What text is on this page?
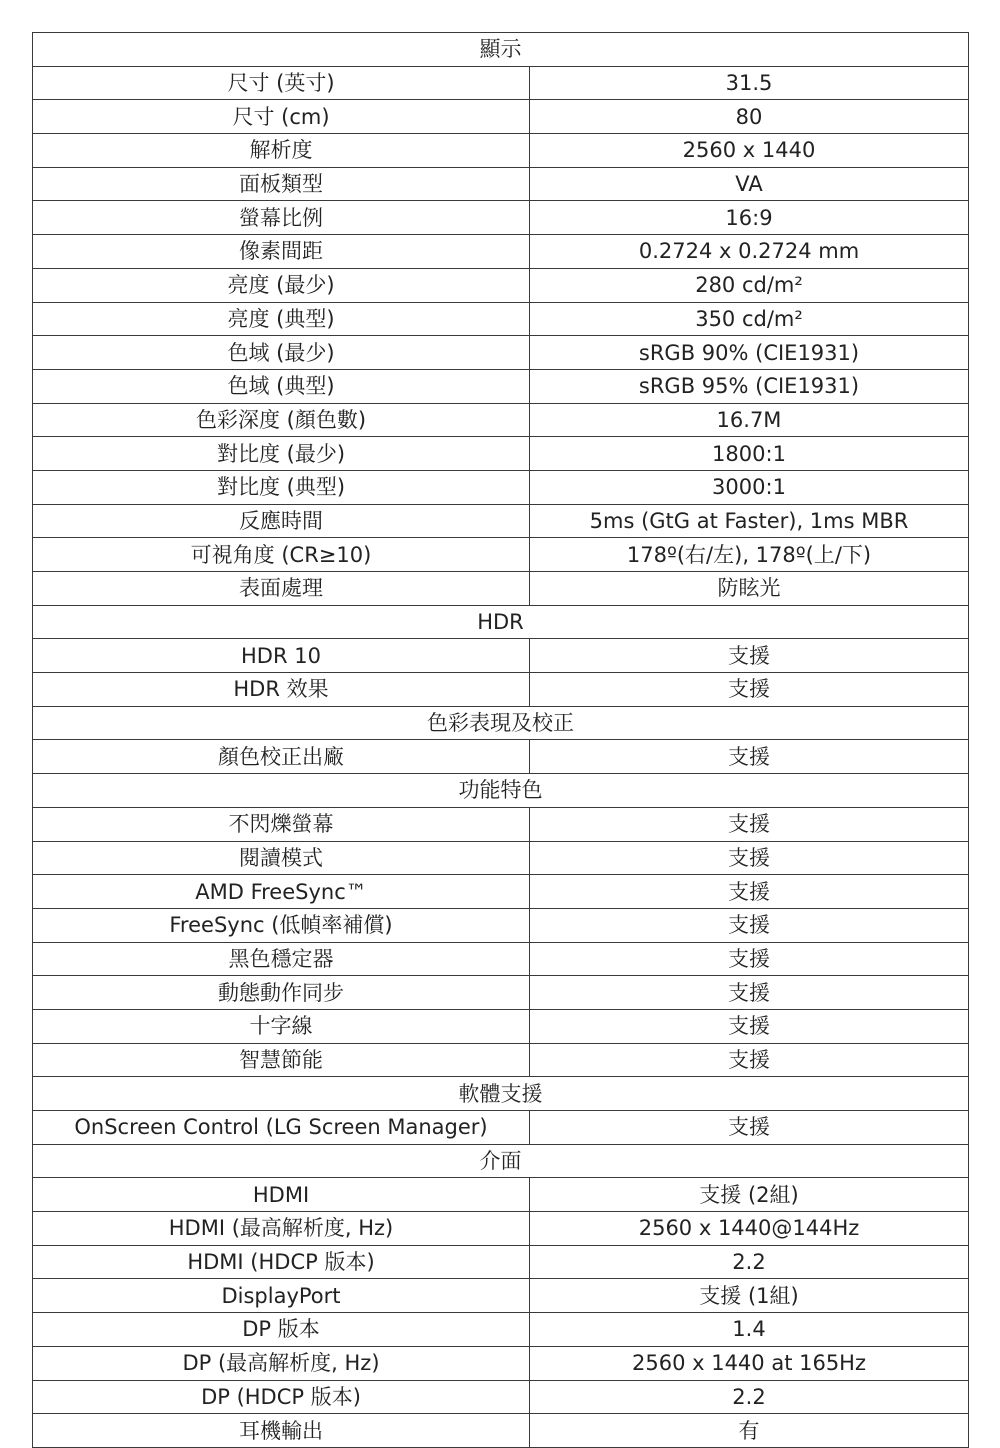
顯示	
尺寸 (英寸)	31.5
尺寸 (cm)	80
解析度	2560 x 1440
面板類型	VA
螢幕比例	16:9
像素間距	0.2724 x 0.2724 mm
亮度 (最少)	280 cd/m²
亮度 (典型)	350 cd/m²
色域 (最少)	sRGB 90% (CIE1931)
色域 (典型)	sRGB 95% (CIE1931)
色彩深度 (顏色數)	16.7M
對比度 (最少)	1800:1
對比度 (典型)	3000:1
反應時間	5ms (GtG at Faster), 1ms MBR
可視角度 (CR≥10)	178º(右/左), 178º(上/下)
表面處理	防眩光
HDR	
HDR 10	支援
HDR 效果	支援
色彩表現及校正	
顏色校正出廠	支援
功能特色	
不閃爍螢幕	支援
閱讀模式	支援
AMD FreeSync™	支援
FreeSync (低幀率補償)	支援
黑色穩定器	支援
動態動作同步	支援
十字線	支援
智慧節能	支援
軟體支援	
OnScreen Control (LG Screen Manager)	支援
介面	
HDMI	支援 (2組)
HDMI (最高解析度, Hz)	2560 x 1440@144Hz
HDMI (HDCP 版本)	2.2
DisplayPort	支援 (1組)
DP 版本	1.4
DP (最高解析度, Hz)	2560 x 1440 at 165Hz
DP (HDCP 版本)	2.2
耳機輸出	有
